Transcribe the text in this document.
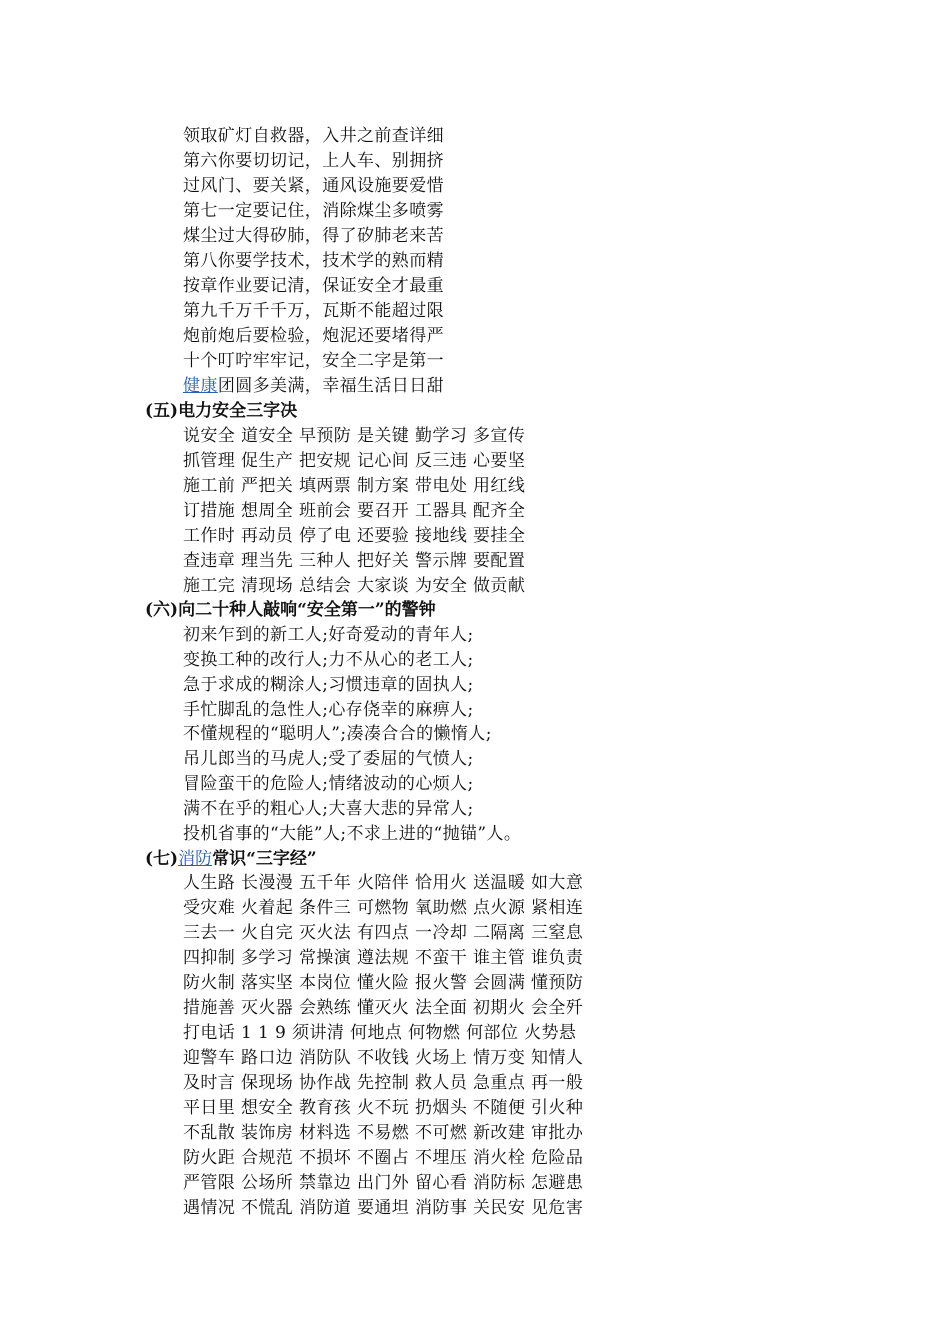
领取矿灯自救器，入井之前查详细
第六你要切切记，上人车、别拥挤
过风门、要关紧，通风设施要爱惜
第七一定要记住，消除煤尘多喷雾
煤尘过大得矽肺，得了矽肺老来苦
第八你要学技术，技术学的熟而精
按章作业要记清，保证安全才最重
第九千万千千万，瓦斯不能超过限
炮前炮后要检验，炮泥还要堵得严
十个叮咛牢牢记，安全二字是第一
健康团圆多美满，幸福生活日日甜
(五)电力安全三字决
说安全 道安全 早预防 是关键 勤学习 多宣传
抓管理 促生产 把安规 记心间 反三违 心要坚
施工前 严把关 填两票 制方案 带电处 用红线
订措施 想周全 班前会 要召开 工器具 配齐全
工作时 再动员 停了电 还要验 接地线 要挂全
查违章 理当先 三种人 把好关 警示牌 要配置
施工完 清现场 总结会 大家谈 为安全 做贡献
(六)向二十种人敲响“安全第一”的警钟
初来乍到的新工人;好奇爱动的青年人;
变换工种的改行人;力不从心的老工人;
急于求成的糊涂人;习惯违章的固执人;
手忙脚乱的急性人;心存侥幸的麻痹人;
不懂规程的“聪明人”;凑凑合合的懒惰人;
吊儿郎当的马虎人;受了委屈的气愤人;
冒险蛮干的危险人;情绪波动的心烦人;
满不在乎的粗心人;大喜大悲的异常人;
投机省事的“大能”人;不求上进的“抛锚”人。
(七)消防常识“三字经”
人生路 长漫漫 五千年 火陪伴 恰用火 送温暖 如大意
受灾难 火着起 条件三 可燃物 氧助燃 点火源 紧相连
三去一 火自完 灭火法 有四点 一冷却 二隔离 三窒息
四抑制 多学习 常操演 遵法规 不蛮干 谁主管 谁负责
防火制 落实坚 本岗位 懂火险 报火警 会圆满 懂预防
措施善 灭火器 会熟练 懂灭火 法全面 初期火 会全歼
打电话 1 1 9 须讲清 何地点 何物燃 何部位 火势悬
迎警车 路口边 消防队 不收钱 火场上 情万变 知情人
及时言 保现场 协作战 先控制 救人员 急重点 再一般
平日里 想安全 教育孩 火不玩 扔烟头 不随便 引火种
不乱散 装饰房 材料选 不易燃 不可燃 新改建 审批办
防火距 合规范 不损坏 不圈占 不埋压 消火栓 危险品
严管限 公场所 禁靠边 出门外 留心看 消防标 怎避患
遇情况 不慌乱 消防道 要通坦 消防事 关民安 见危害
